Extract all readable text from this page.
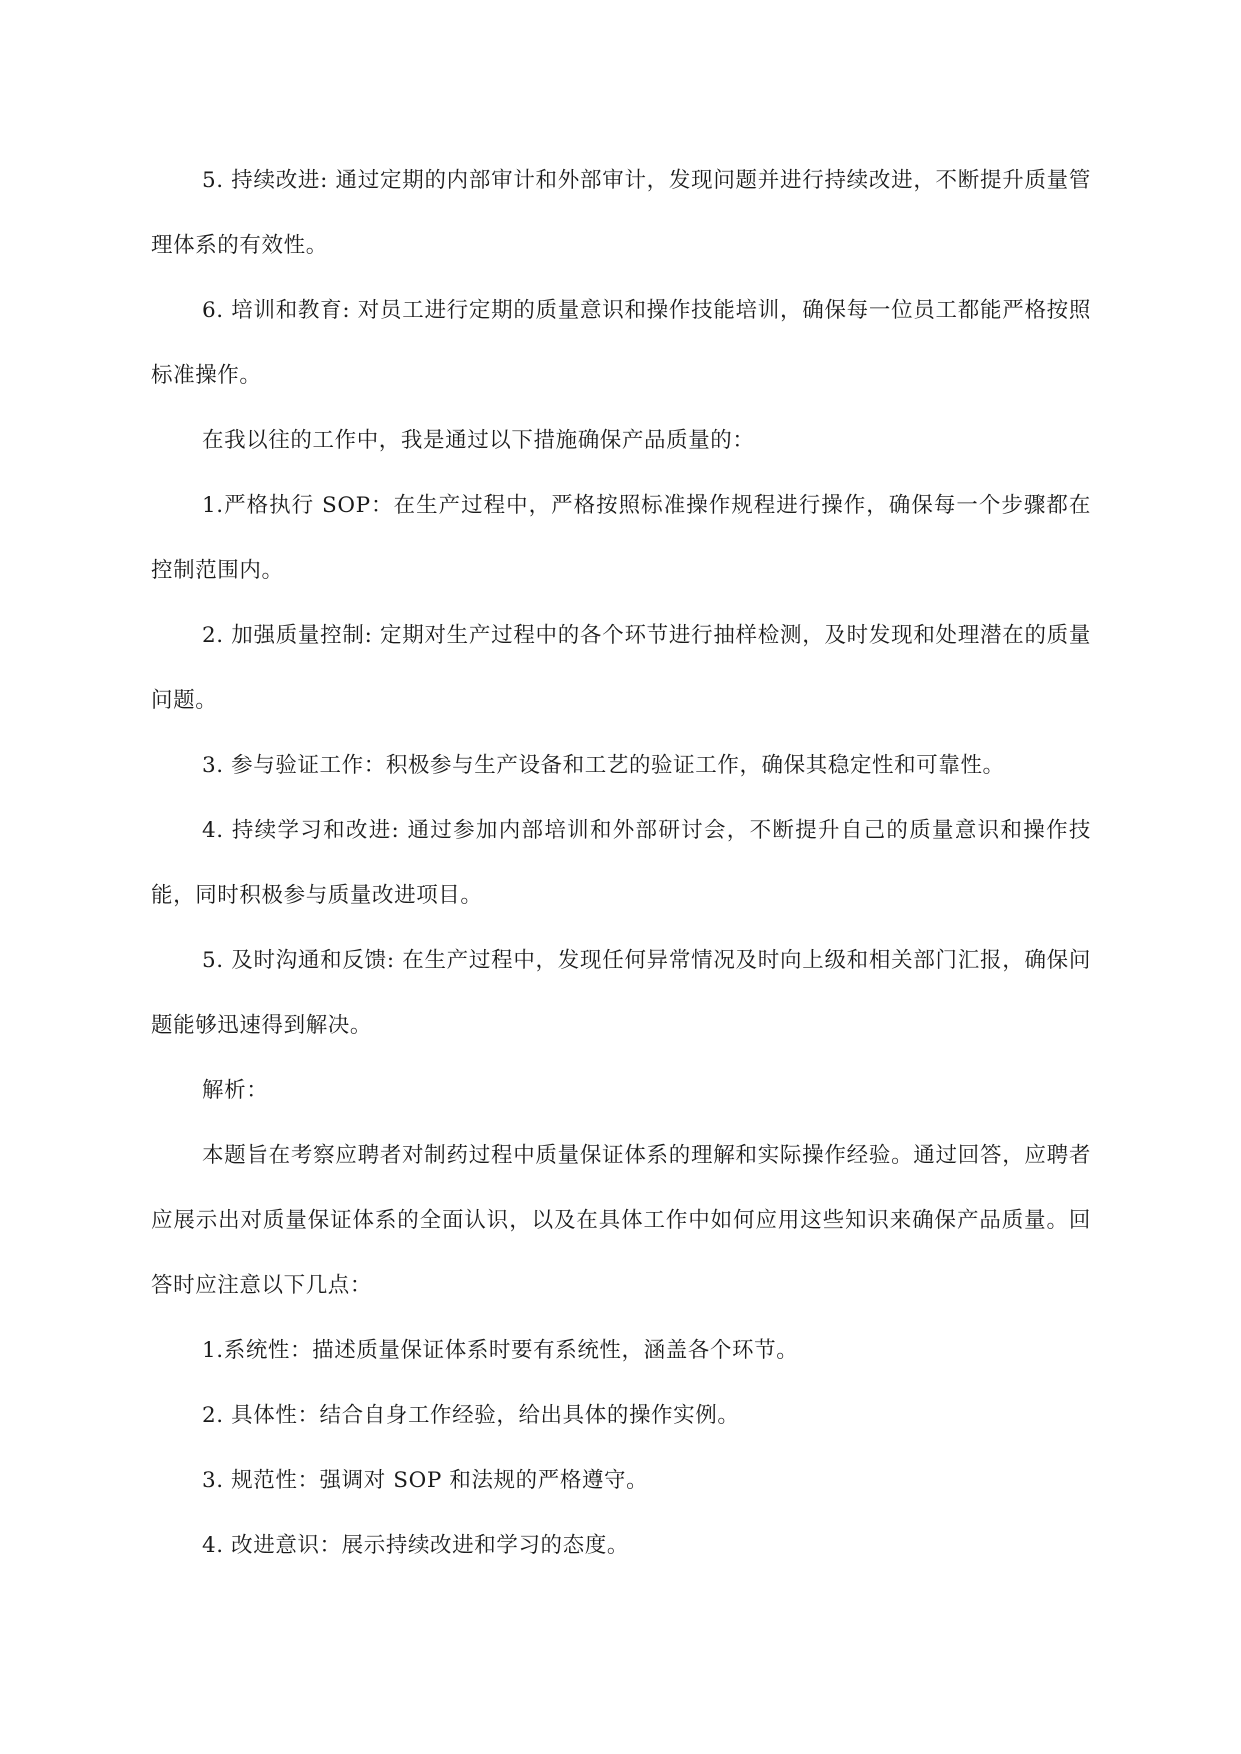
5. 持续改进: 通过定期的内部审计和外部审计，发现问题并进行持续改进，不断提升质量管理体系的有效性。

6. 培训和教育: 对员工进行定期的质量意识和操作技能培训，确保每一位员工都能严格按照标准操作。

在我以往的工作中，我是通过以下措施确保产品质量的：

1.严格执行 SOP：在生产过程中，严格按照标准操作规程进行操作，确保每一个步骤都在控制范围内。

2. 加强质量控制: 定期对生产过程中的各个环节进行抽样检测，及时发现和处理潜在的质量问题。

3. 参与验证工作：积极参与生产设备和工艺的验证工作，确保其稳定性和可靠性。

4. 持续学习和改进: 通过参加内部培训和外部研讨会，不断提升自己的质量意识和操作技能，同时积极参与质量改进项目。

5. 及时沟通和反馈: 在生产过程中，发现任何异常情况及时向上级和相关部门汇报，确保问题能够迅速得到解决。

解析：

本题旨在考察应聘者对制药过程中质量保证体系的理解和实际操作经验。通过回答，应聘者应展示出对质量保证体系的全面认识，以及在具体工作中如何应用这些知识来确保产品质量。回答时应注意以下几点：

1.系统性：描述质量保证体系时要有系统性，涵盖各个环节。

2. 具体性：结合自身工作经验，给出具体的操作实例。

3. 规范性：强调对 SOP 和法规的严格遵守。

4. 改进意识：展示持续改进和学习的态度。
